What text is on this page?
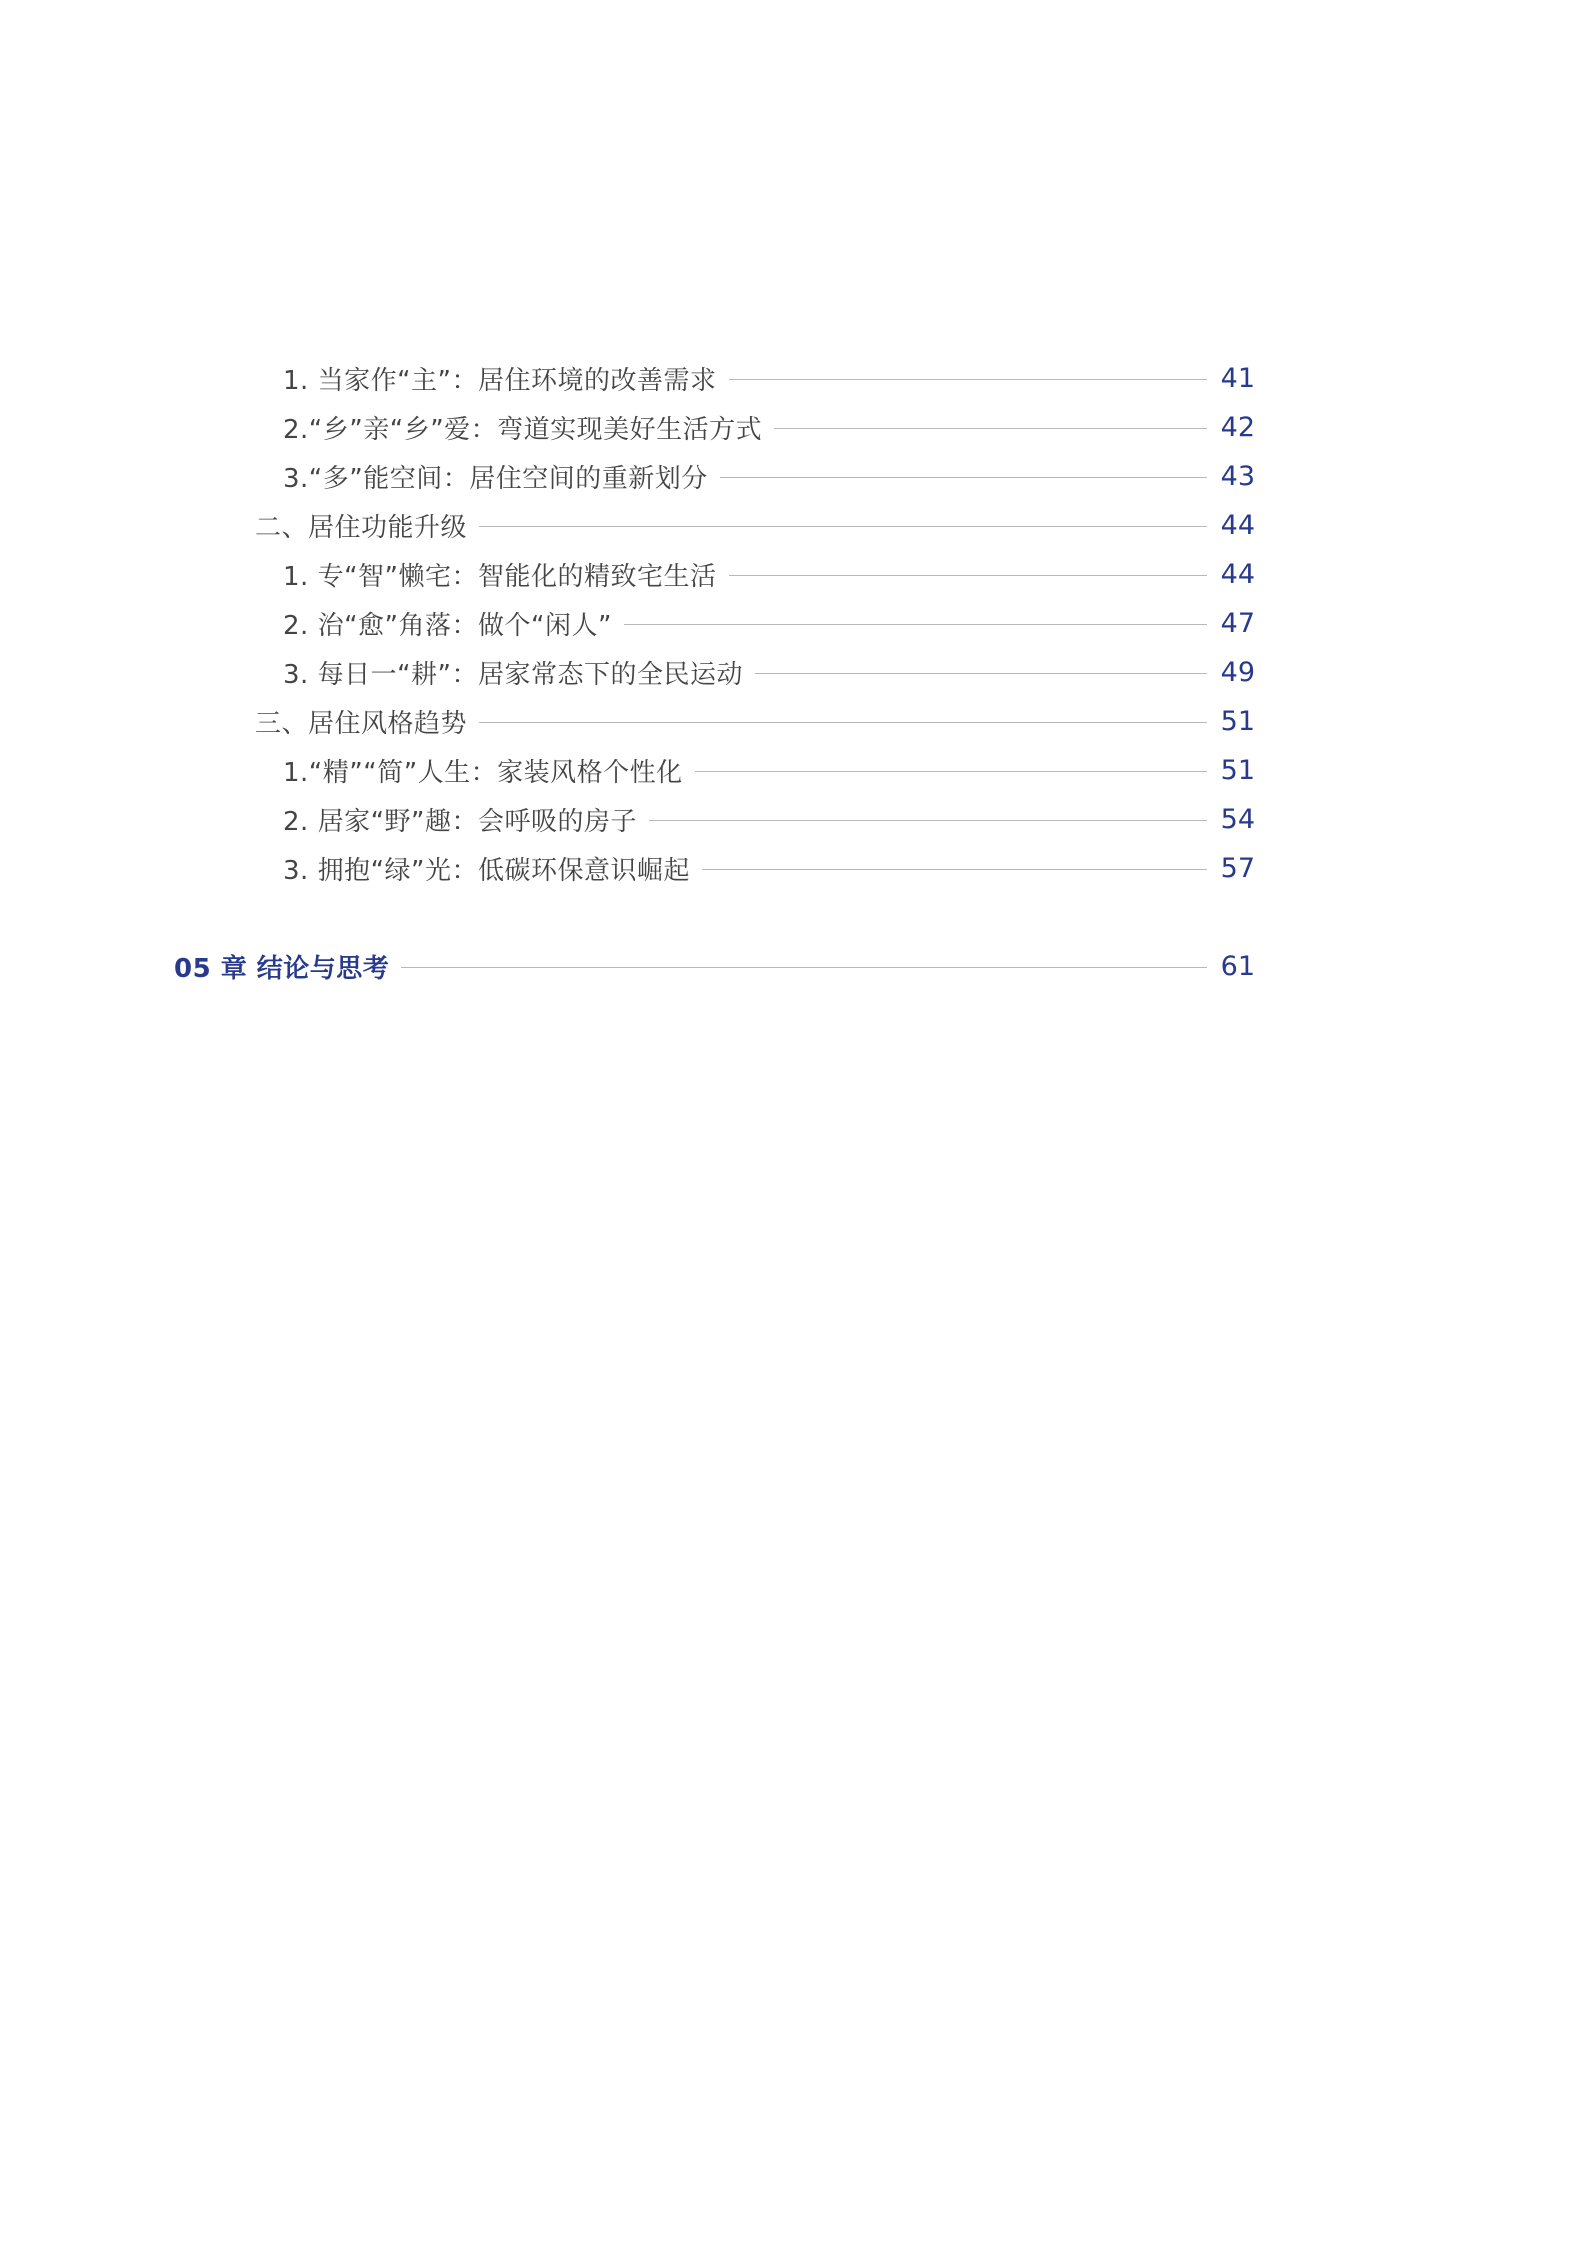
1. 当家作“主”：居住环境的改善需求	41
2.“乡”亲“乡”爱：弯道实现美好生活方式	42
3.“多”能空间：居住空间的重新划分	43
二、居住功能升级	44
1. 专“智”懒宅：智能化的精致宅生活	44
2. 治“愈”角落：做个“闲人”	47
3. 每日一“耕”：居家常态下的全民运动	49
三、居住风格趋势	51
1.“精”“简”人生：家装风格个性化	51
2. 居家“野”趣：会呼吸的房子	54
3. 拥抱“绿”光：低碳环保意识崛起	57
05 章 结论与思考	61
